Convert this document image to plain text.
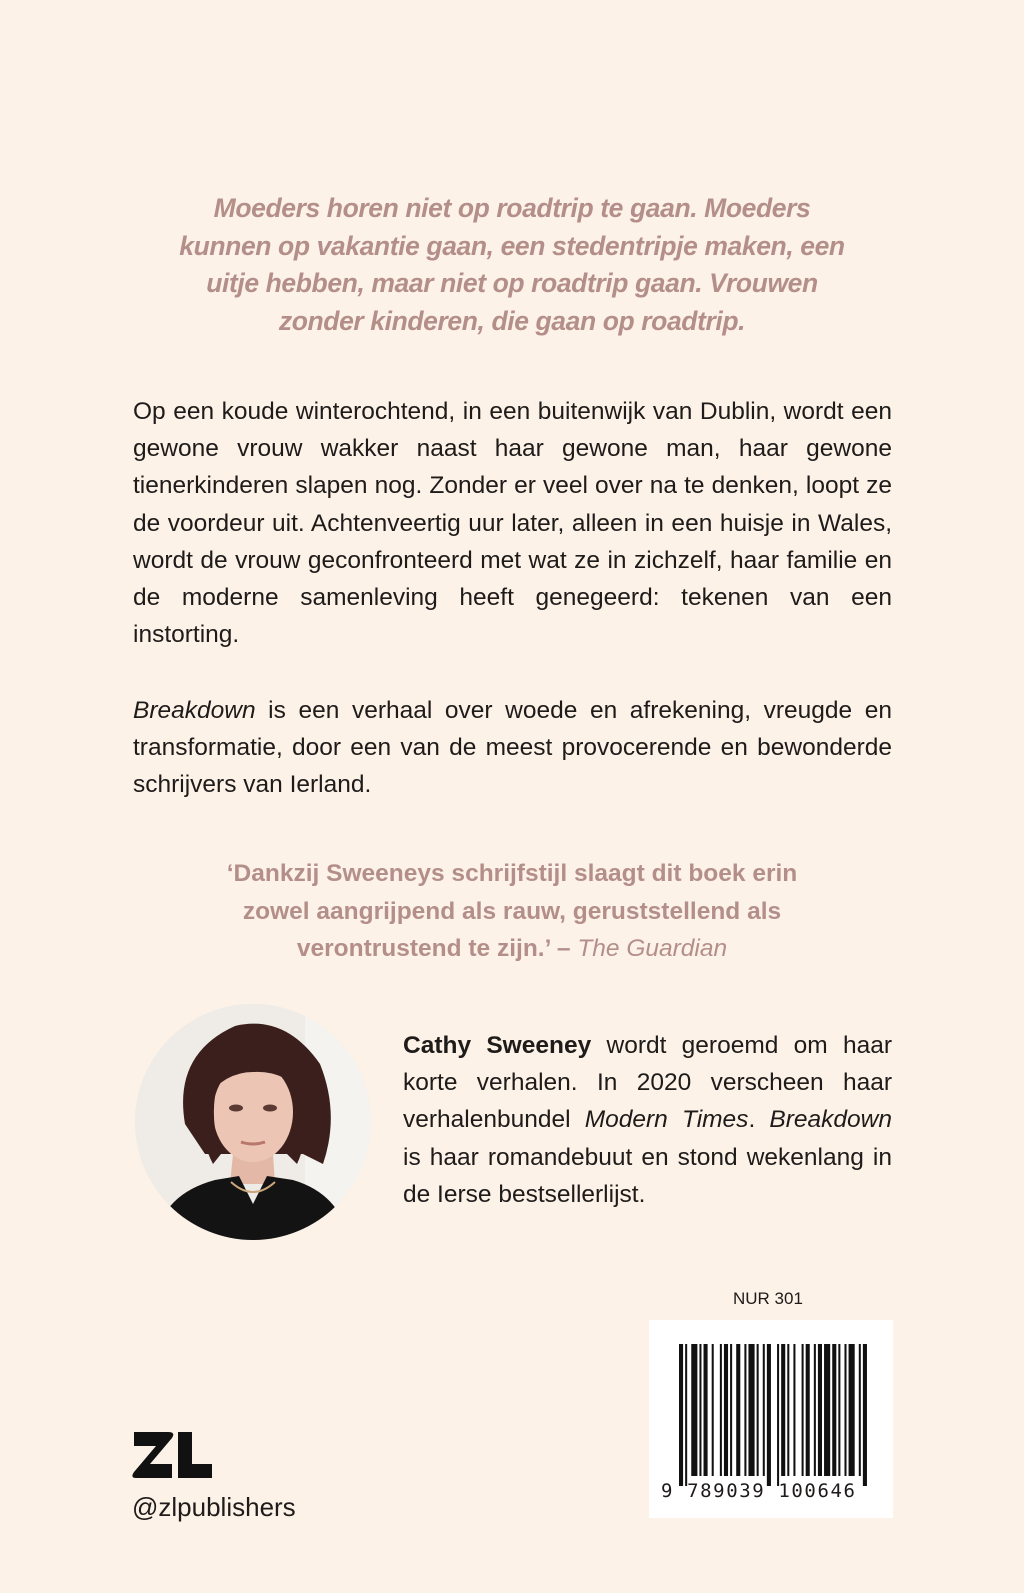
Moeders horen niet op roadtrip te gaan. Moeders
kunnen op vakantie gaan, een stedentripje maken, een
uitje hebben, maar niet op roadtrip gaan. Vrouwen
zonder kinderen, die gaan op roadtrip.

Op een koude winterochtend, in een buitenwijk van Dublin, wordt een gewone vrouw wakker naast haar gewone man, haar gewone tienerkinderen slapen nog. Zonder er veel over na te denken, loopt ze de voordeur uit. Achtenveertig uur later, alleen in een huisje in Wales, wordt de vrouw geconfronteerd met wat ze in zichzelf, haar familie en de moderne samenleving heeft genegeerd: tekenen van een instorting.

Breakdown is een verhaal over woede en afrekening, vreugde en transformatie, door een van de meest provocerende en bewonderde schrijvers van Ierland.

‘Dankzij Sweeneys schrijfstijl slaagt dit boek erin
zowel aangrijpend als rauw, geruststellend als
verontrustend te zijn.’ – The Guardian

Cathy Sweeney wordt geroemd om haar korte verhalen. In 2020 verscheen haar verhalenbundel Modern Times. Breakdown is haar romandebuut en stond wekenlang in de Ierse bestsellerlijst.

NUR 301
9 789039 100646
@zlpublishers
